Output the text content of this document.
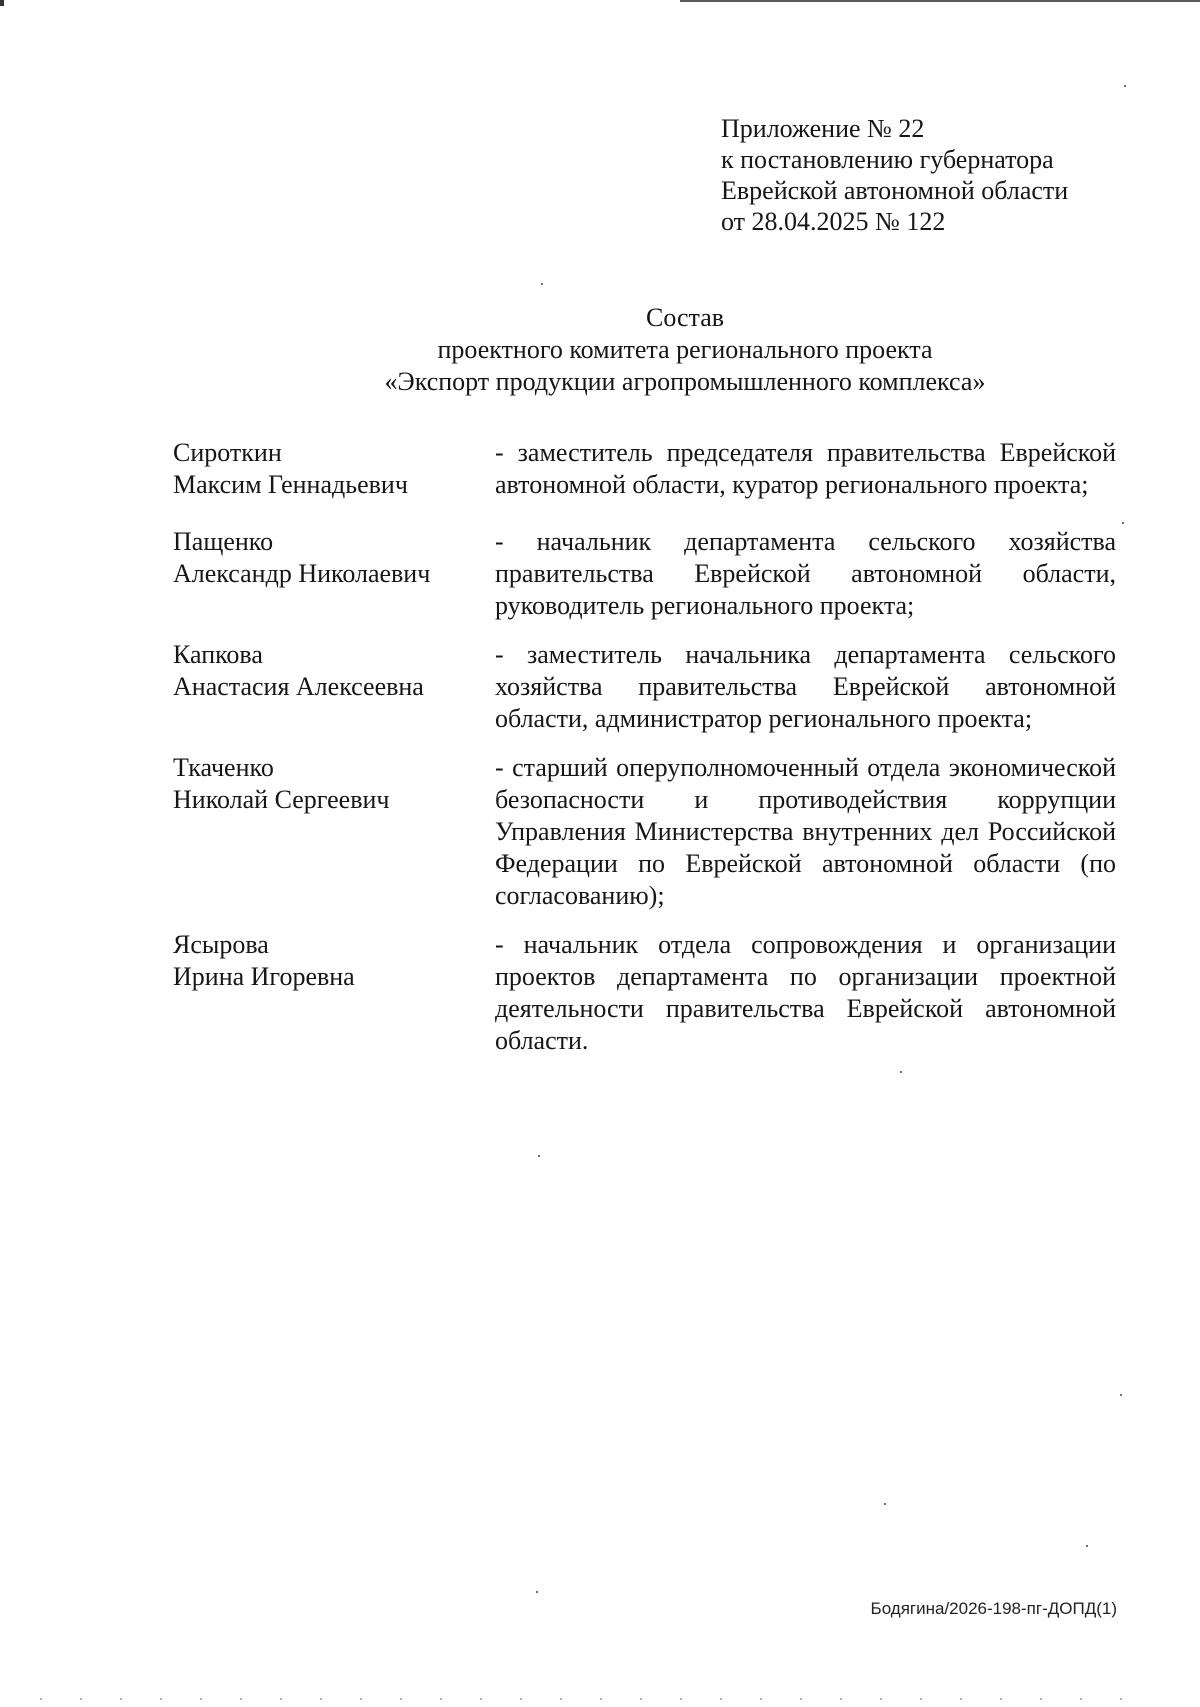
Приложение № 22
к постановлению губернатора
Еврейской автономной области
от 28.04.2025 № 122
Состав
проектного комитета регионального проекта
«Экспорт продукции агропромышленного комплекса»
Сироткин
Максим Геннадьевич
- заместитель председателя правительства Еврейской автономной области, куратор регионального проекта;
Пащенко
Александр Николаевич
- начальник департамента сельского хозяйства правительства Еврейской автономной области, руководитель регионального проекта;
Капкова
Анастасия Алексеевна
- заместитель начальника департамента сельского хозяйства правительства Еврейской автономной области, администратор регионального проекта;
Ткаченко
Николай Сергеевич
- старший оперуполномоченный отдела экономической безопасности и противодействия коррупции Управления Министерства внутренних дел Российской Федерации по Еврейской автономной области (по согласованию);
Ясырова
Ирина Игоревна
- начальник отдела сопровождения и организации проектов департамента по организации проектной деятельности правительства Еврейской автономной области.
Бодягина/2026-198-пг-ДОПД(1)
